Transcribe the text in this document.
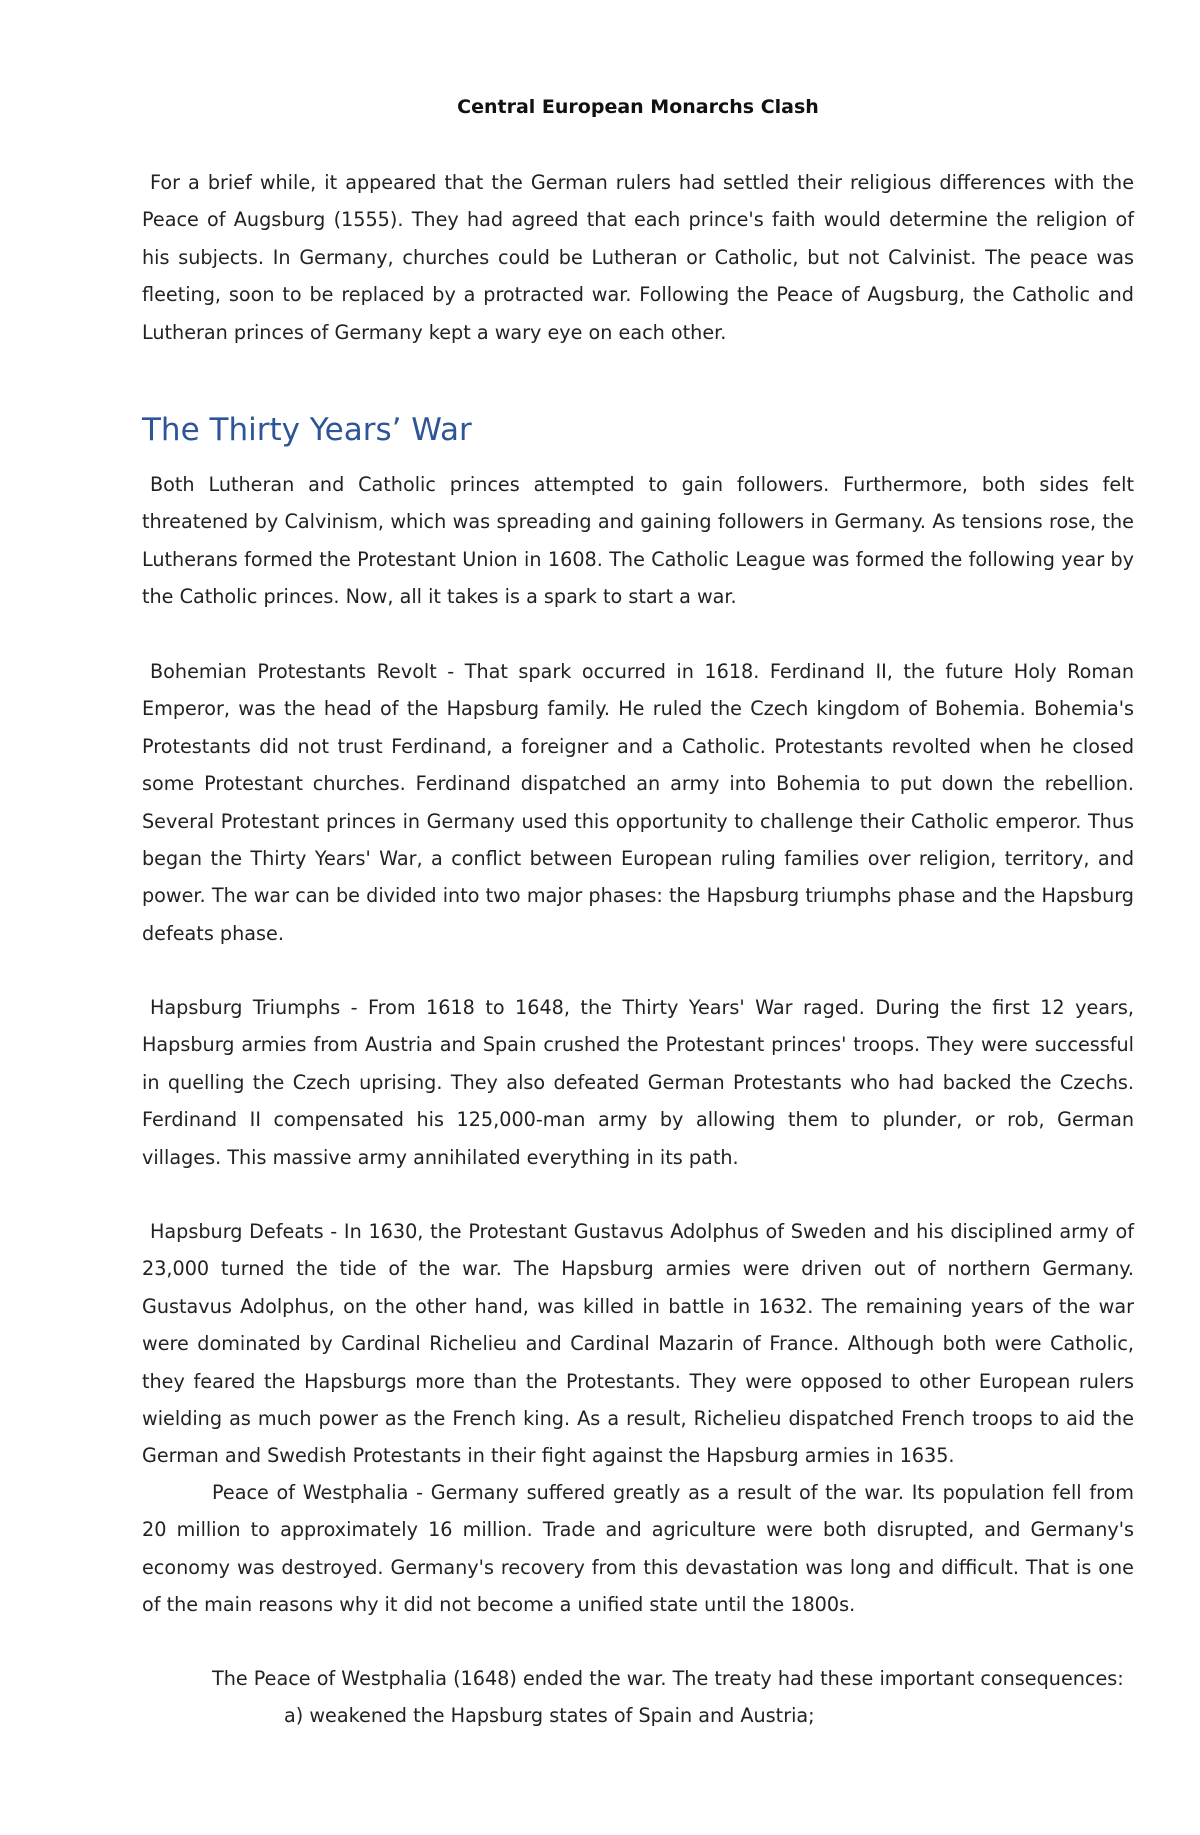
Central European Monarchs Clash

For a brief while, it appeared that the German rulers had settled their religious differences with the Peace of Augsburg (1555). They had agreed that each prince's faith would determine the religion of his subjects. In Germany, churches could be Lutheran or Catholic, but not Calvinist. The peace was fleeting, soon to be replaced by a protracted war. Following the Peace of Augsburg, the Catholic and Lutheran princes of Germany kept a wary eye on each other.

The Thirty Years’ War

Both Lutheran and Catholic princes attempted to gain followers. Furthermore, both sides felt threatened by Calvinism, which was spreading and gaining followers in Germany. As tensions rose, the Lutherans formed the Protestant Union in 1608. The Catholic League was formed the following year by the Catholic princes. Now, all it takes is a spark to start a war.

Bohemian Protestants Revolt - That spark occurred in 1618. Ferdinand II, the future Holy Roman Emperor, was the head of the Hapsburg family. He ruled the Czech kingdom of Bohemia. Bohemia's Protestants did not trust Ferdinand, a foreigner and a Catholic. Protestants revolted when he closed some Protestant churches. Ferdinand dispatched an army into Bohemia to put down the rebellion. Several Protestant princes in Germany used this opportunity to challenge their Catholic emperor. Thus began the Thirty Years' War, a conflict between European ruling families over religion, territory, and power. The war can be divided into two major phases: the Hapsburg triumphs phase and the Hapsburg defeats phase.

Hapsburg Triumphs - From 1618 to 1648, the Thirty Years' War raged. During the first 12 years, Hapsburg armies from Austria and Spain crushed the Protestant princes' troops. They were successful in quelling the Czech uprising. They also defeated German Protestants who had backed the Czechs. Ferdinand II compensated his 125,000-man army by allowing them to plunder, or rob, German villages. This massive army annihilated everything in its path.

Hapsburg Defeats - In 1630, the Protestant Gustavus Adolphus of Sweden and his disciplined army of 23,000 turned the tide of the war. The Hapsburg armies were driven out of northern Germany. Gustavus Adolphus, on the other hand, was killed in battle in 1632. The remaining years of the war were dominated by Cardinal Richelieu and Cardinal Mazarin of France. Although both were Catholic, they feared the Hapsburgs more than the Protestants. They were opposed to other European rulers wielding as much power as the French king. As a result, Richelieu dispatched French troops to aid the German and Swedish Protestants in their fight against the Hapsburg armies in 1635.

Peace of Westphalia - Germany suffered greatly as a result of the war. Its population fell from 20 million to approximately 16 million. Trade and agriculture were both disrupted, and Germany's economy was destroyed. Germany's recovery from this devastation was long and difficult. That is one of the main reasons why it did not become a unified state until the 1800s.

The Peace of Westphalia (1648) ended the war. The treaty had these important consequences:

a) weakened the Hapsburg states of Spain and Austria;
